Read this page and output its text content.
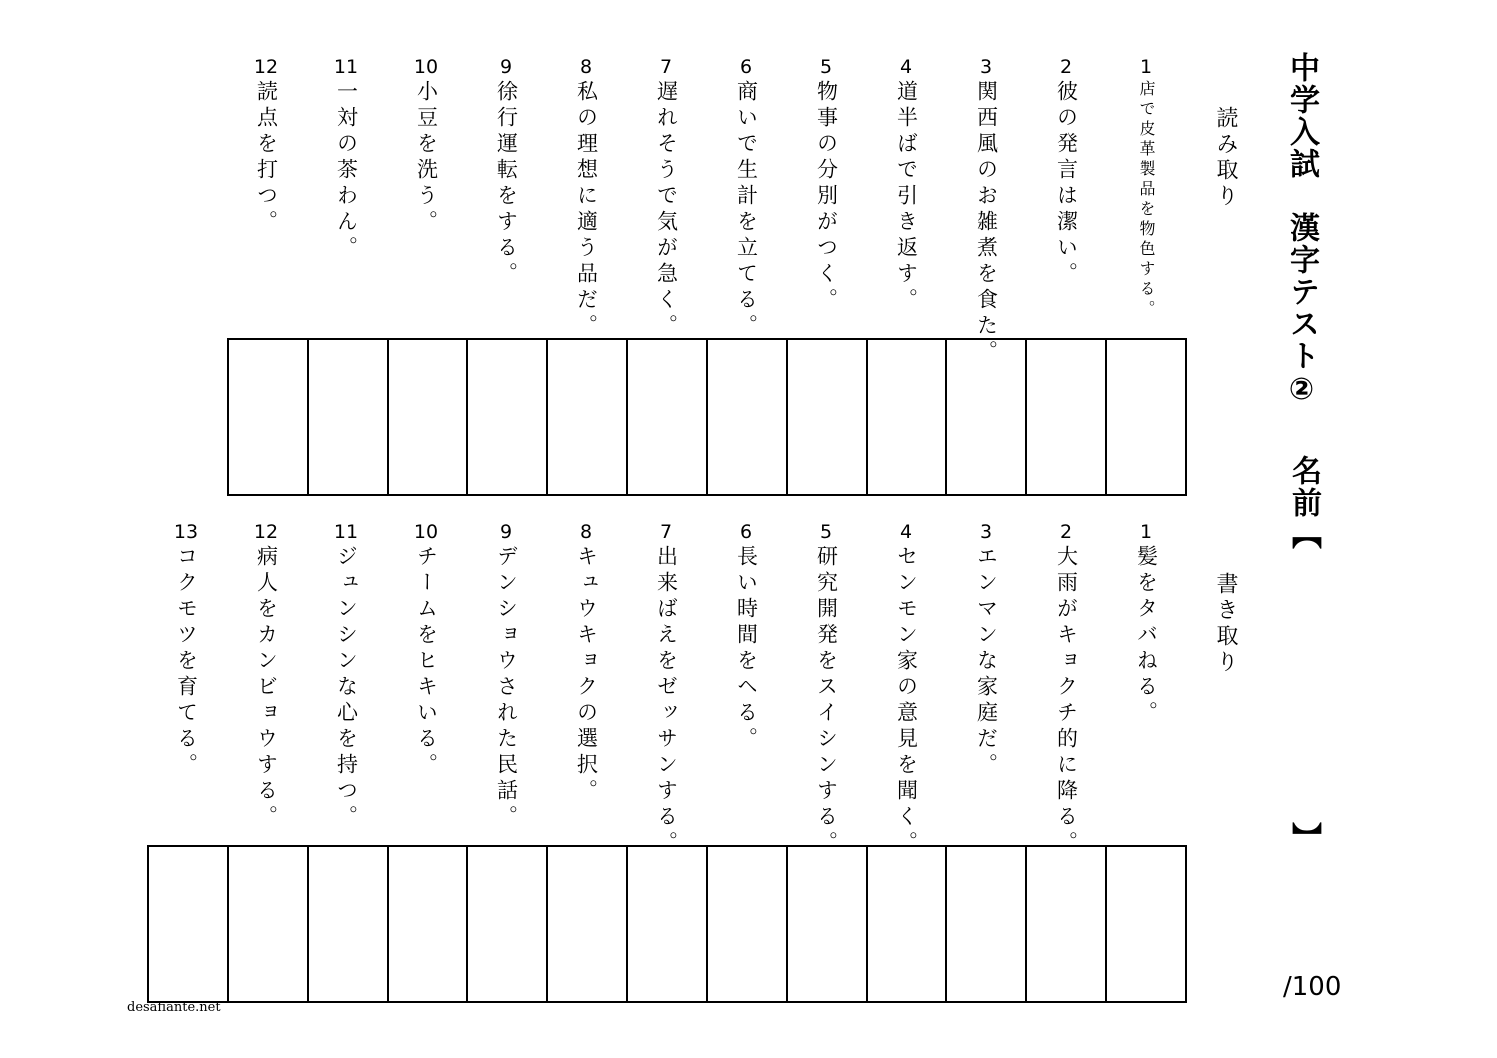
中学入試　漢字テスト②
名前【
】
読み取り
書き取り
1
店で皮革製品を物色する。
2
彼の発言は潔い。
3
関西風のお雑煮を食た。
4
道半ばで引き返す。
5
物事の分別がつく。
6
商いで生計を立てる。
7
遅れそうで気が急く。
8
私の理想に適う品だ。
9
徐行運転をする。
10
小豆を洗う。
11
一対の茶わん。
12
読点を打つ。
1
髪をタバねる。
2
大雨がキョクチ的に降る。
3
エンマンな家庭だ。
4
センモン家の意見を聞く。
5
研究開発をスイシンする。
6
長い時間をヘる。
7
出来ばえをゼッサンする。
8
キュウキョクの選択。
9
デンショウされた民話。
10
チームをヒキいる。
11
ジュンシンな心を持つ。
12
病人をカンビョウする。
13
コクモツを育てる。
/100
desafiante.net
